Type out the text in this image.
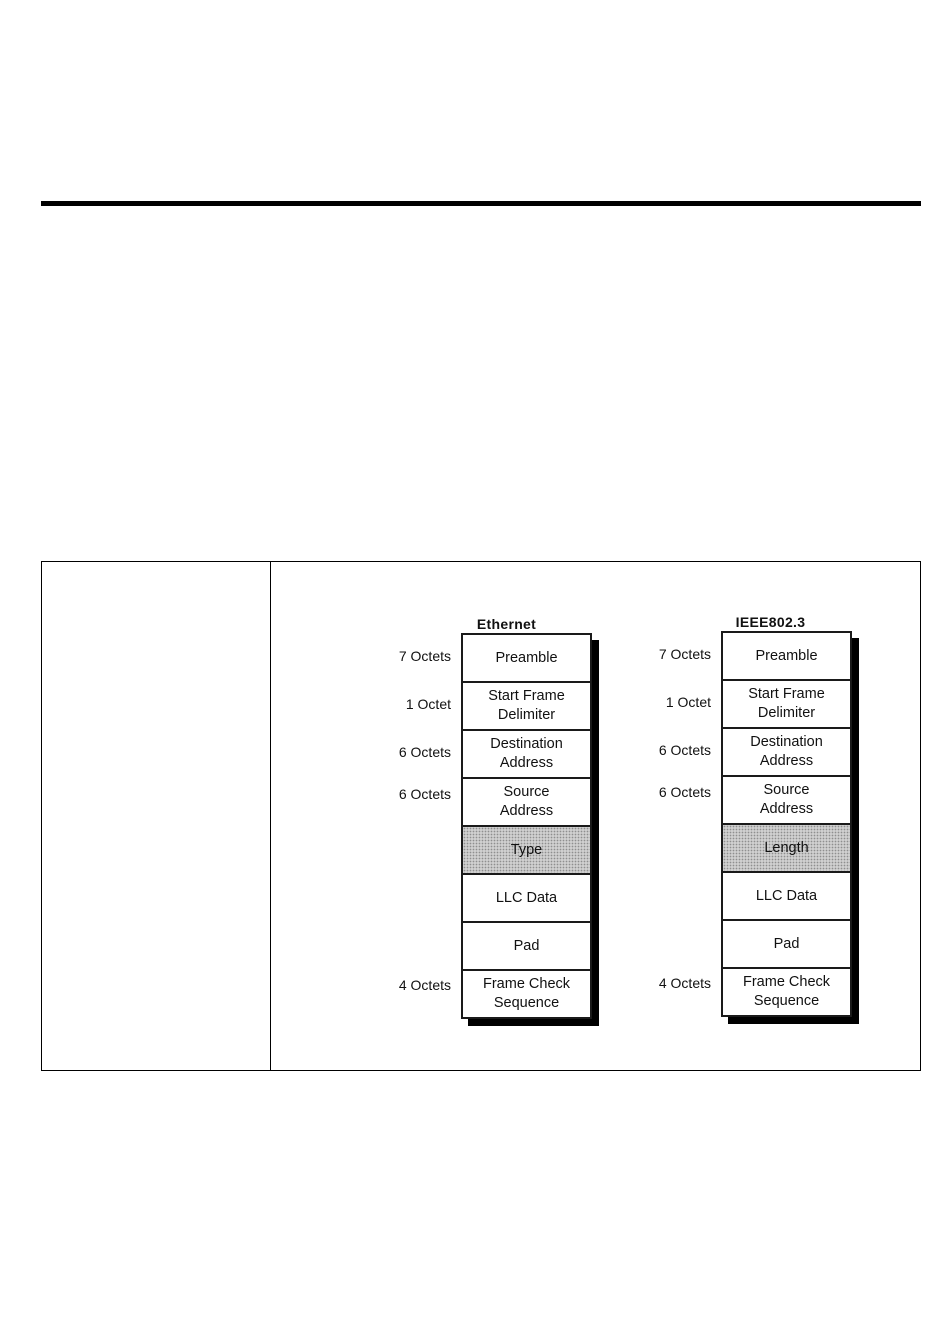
Ethernet
Preamble
Start Frame
Delimiter
Destination
Address
Source
Address
Type
LLC Data
Pad
Frame Check
Sequence
7 Octets
1 Octet
6 Octets
6 Octets
4 Octets
IEEE802.3
Preamble
Start Frame
Delimiter
Destination
Address
Source
Address
Length
LLC Data
Pad
Frame Check
Sequence
7 Octets
1 Octet
6 Octets
6 Octets
4 Octets
